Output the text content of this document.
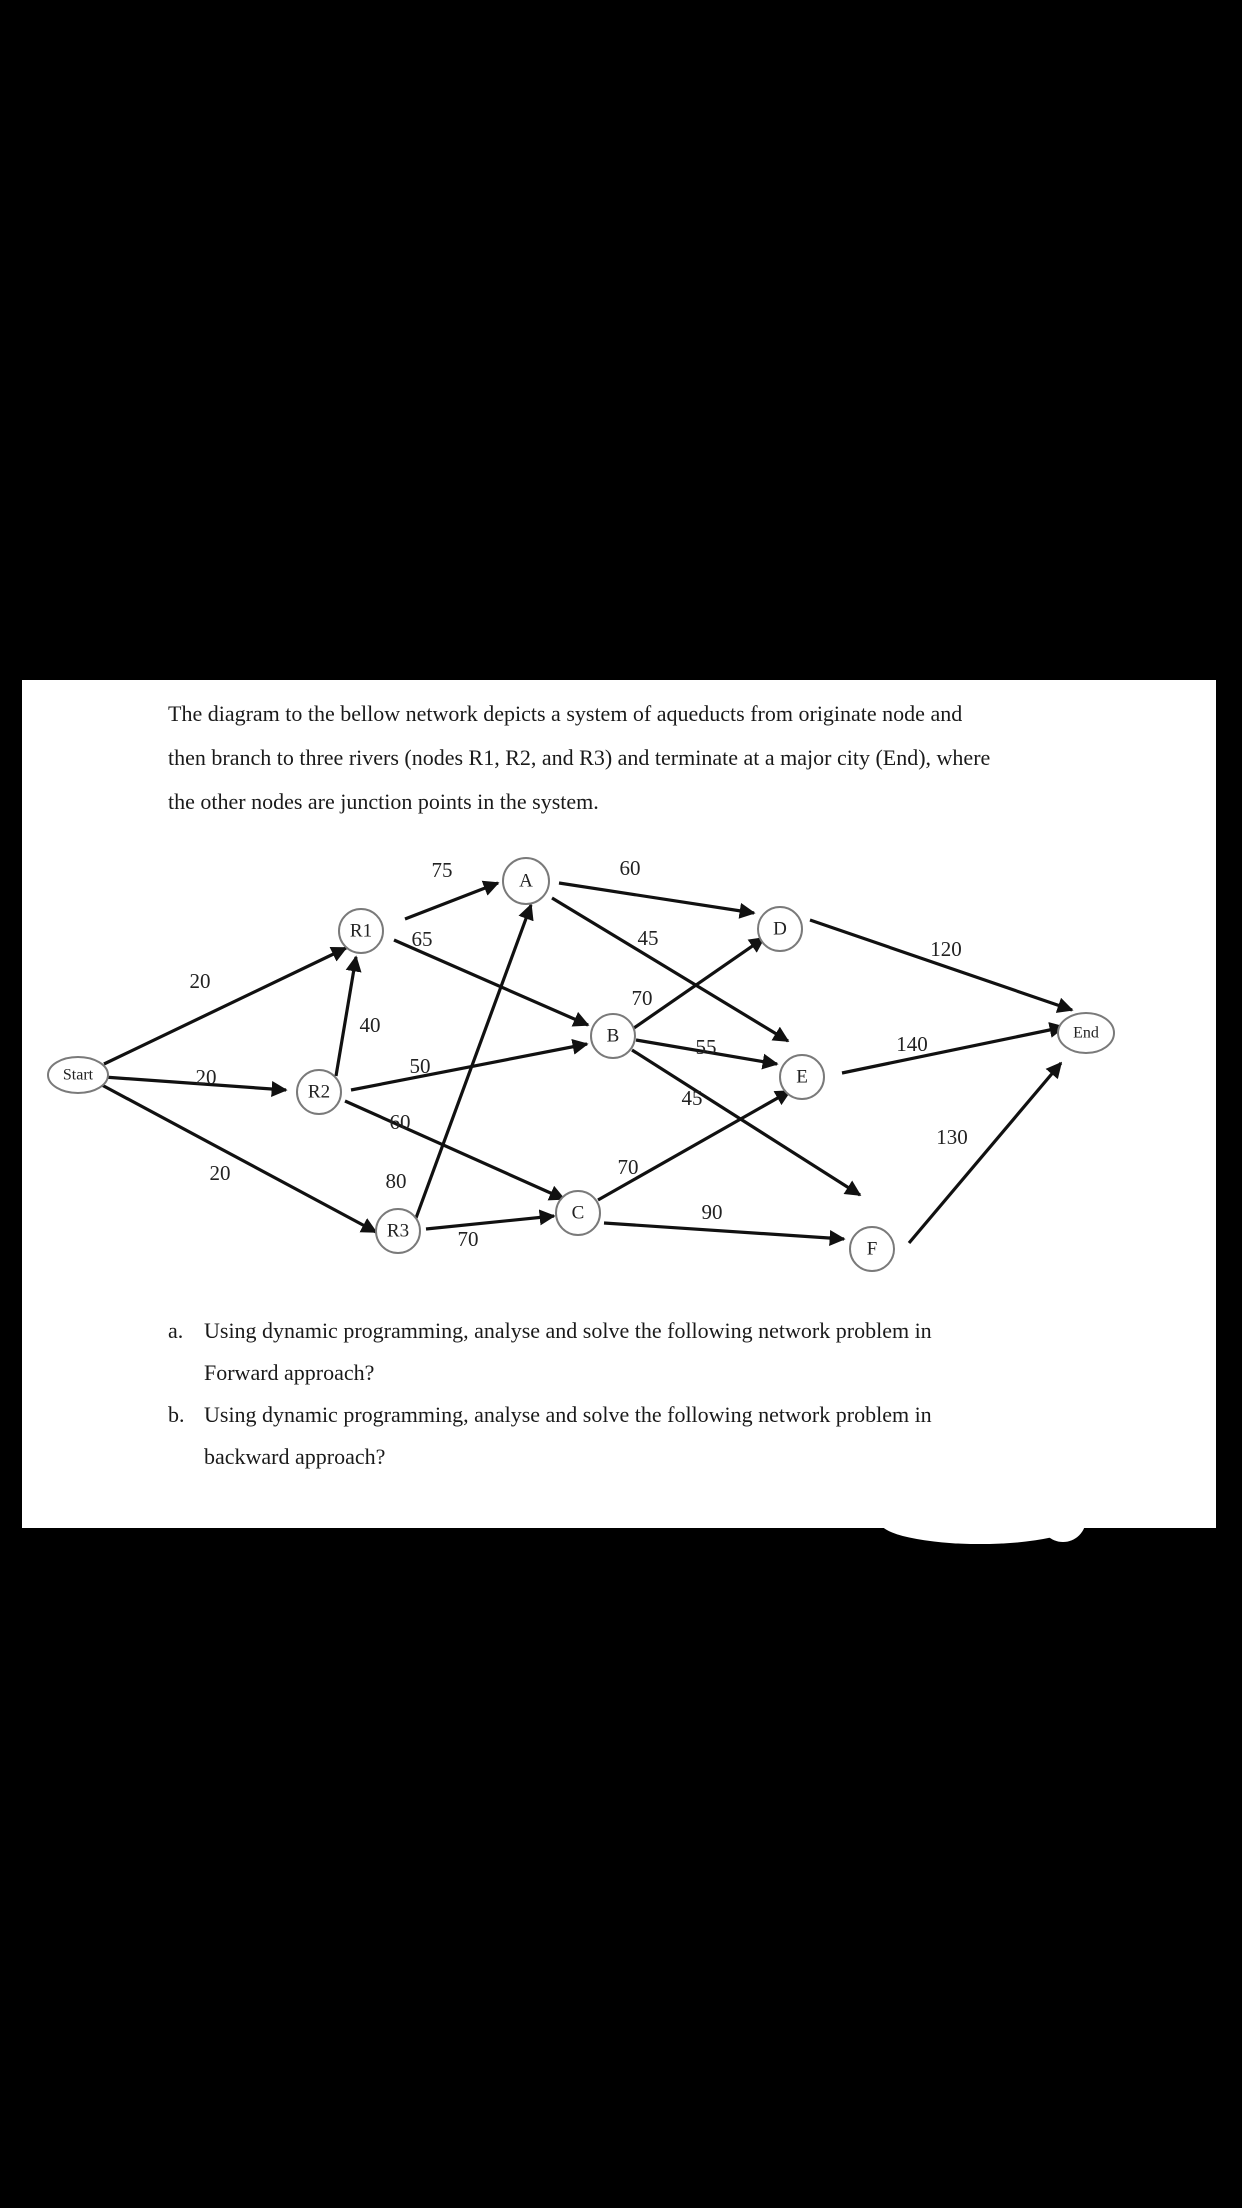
The diagram to the bellow network depicts a system of aqueducts from originate node and

then branch to three rivers (nodes R1, R2, and R3) and terminate at a major city (End), where

the other nodes are junction points in the system.

20
20
20
75
65
40
50
60
80
70
60
45
70
55
45
70
90
120
140
130
Start
R1
R2
R3
A
B
C
D
E
F
End
a. Using dynamic programming, analyse and solve the following network problem in
Forward approach?
b. Using dynamic programming, analyse and solve the following network problem in
backward approach?
